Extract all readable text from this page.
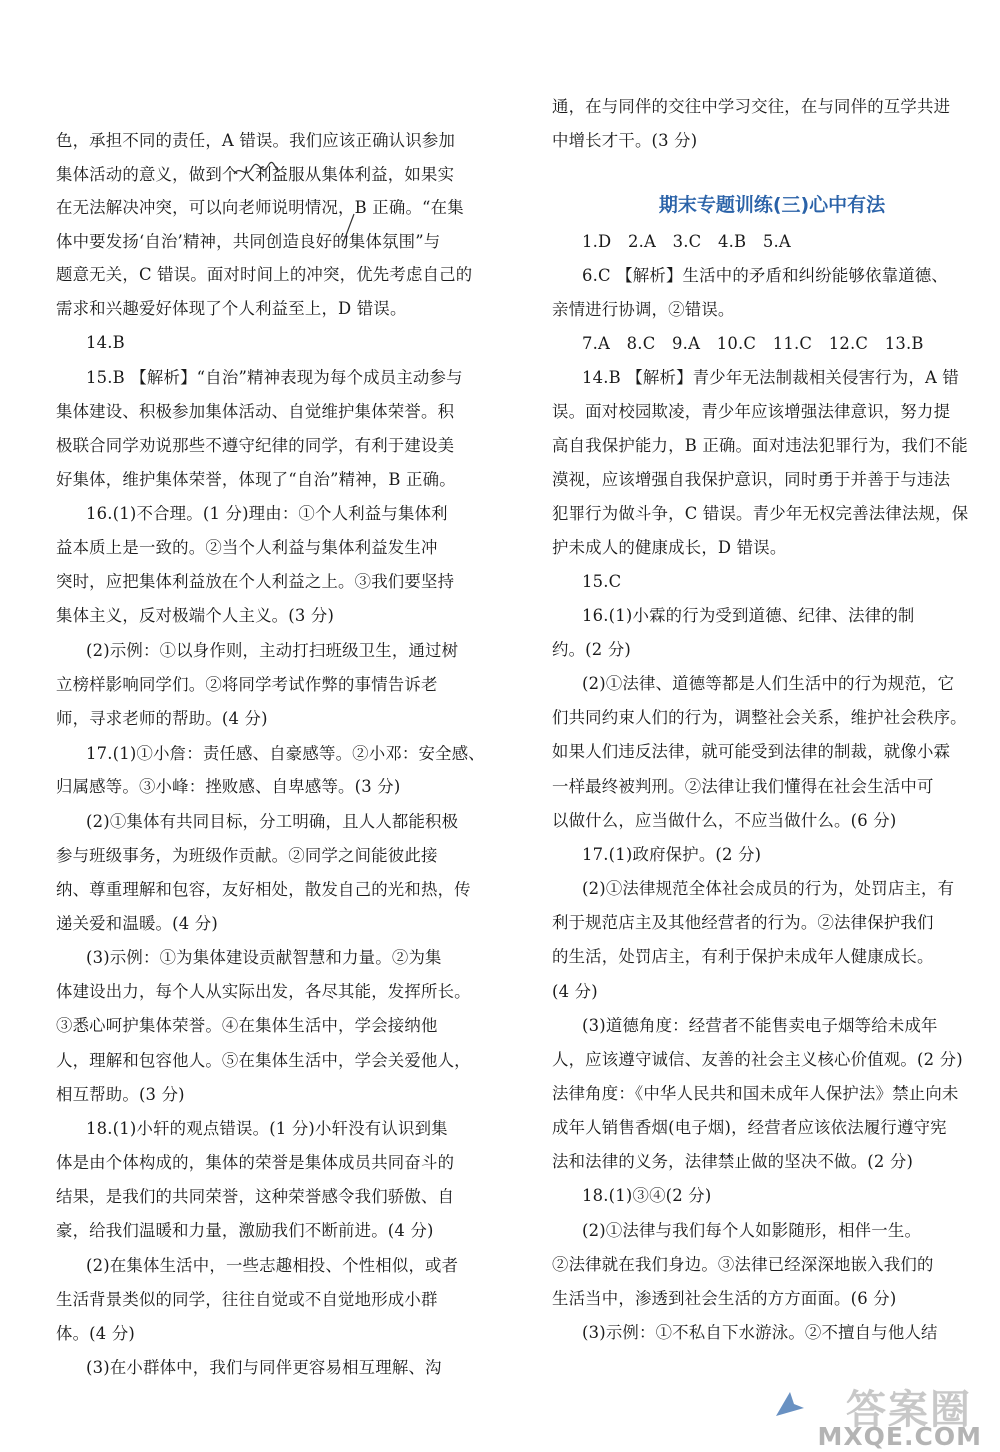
色，承担不同的责任，A 错误。我们应该正确认识参加
集体活动的意义，做到个人利益服从集体利益，如果实
在无法解决冲突，可以向老师说明情况，B 正确。“在集
体中要发扬‘自治’精神，共同创造良好的集体氛围”与
题意无关，C 错误。面对时间上的冲突，优先考虑自己的
需求和兴趣爱好体现了个人利益至上，D 错误。
14.B
15.B 【解析】“自治”精神表现为每个成员主动参与
集体建设、积极参加集体活动、自觉维护集体荣誉。积
极联合同学劝说那些不遵守纪律的同学，有利于建设美
好集体，维护集体荣誉，体现了“自治”精神，B 正确。
16.(1)不合理。(1 分)理由：①个人利益与集体利
益本质上是一致的。②当个人利益与集体利益发生冲
突时，应把集体利益放在个人利益之上。③我们要坚持
集体主义，反对极端个人主义。(3 分)
(2)示例：①以身作则，主动打扫班级卫生，通过树
立榜样影响同学们。②将同学考试作弊的事情告诉老
师，寻求老师的帮助。(4 分)
17.(1)①小詹：责任感、自豪感等。②小邓：安全感、
归属感等。③小峰：挫败感、自卑感等。(3 分)
(2)①集体有共同目标，分工明确，且人人都能积极
参与班级事务，为班级作贡献。②同学之间能彼此接
纳、尊重理解和包容，友好相处，散发自己的光和热，传
递关爱和温暖。(4 分)
(3)示例：①为集体建设贡献智慧和力量。②为集
体建设出力，每个人从实际出发，各尽其能，发挥所长。
③悉心呵护集体荣誉。④在集体生活中，学会接纳他
人，理解和包容他人。⑤在集体生活中，学会关爱他人，
相互帮助。(3 分)
18.(1)小轩的观点错误。(1 分)小轩没有认识到集
体是由个体构成的，集体的荣誉是集体成员共同奋斗的
结果，是我们的共同荣誉，这种荣誉感令我们骄傲、自
豪，给我们温暖和力量，激励我们不断前进。(4 分)
(2)在集体生活中，一些志趣相投、个性相似，或者
生活背景类似的同学，往往自觉或不自觉地形成小群
体。(4 分)
(3)在小群体中，我们与同伴更容易相互理解、沟
通，在与同伴的交往中学习交往，在与同伴的互学共进
中增长才干。(3 分)
期末专题训练(三)心中有法
1.D　2.A　3.C　4.B　5.A
6.C 【解析】生活中的矛盾和纠纷能够依靠道德、
亲情进行协调，②错误。
7.A　8.C　9.A　10.C　11.C　12.C　13.B
14.B 【解析】青少年无法制裁相关侵害行为，A 错
误。面对校园欺凌，青少年应该增强法律意识，努力提
高自我保护能力，B 正确。面对违法犯罪行为，我们不能
漠视，应该增强自我保护意识，同时勇于并善于与违法
犯罪行为做斗争，C 错误。青少年无权完善法律法规，保
护未成人的健康成长，D 错误。
15.C
16.(1)小霖的行为受到道德、纪律、法律的制
约。(2 分)
(2)①法律、道德等都是人们生活中的行为规范，它
们共同约束人们的行为，调整社会关系，维护社会秩序。
如果人们违反法律，就可能受到法律的制裁，就像小霖
一样最终被判刑。②法律让我们懂得在社会生活中可
以做什么，应当做什么，不应当做什么。(6 分)
17.(1)政府保护。(2 分)
(2)①法律规范全体社会成员的行为，处罚店主，有
利于规范店主及其他经营者的行为。②法律保护我们
的生活，处罚店主，有利于保护未成年人健康成长。
(4 分)
(3)道德角度：经营者不能售卖电子烟等给未成年
人，应该遵守诚信、友善的社会主义核心价值观。(2 分)
法律角度：《中华人民共和国未成年人保护法》禁止向未
成年人销售香烟(电子烟)，经营者应该依法履行遵守宪
法和法律的义务，法律禁止做的坚决不做。(2 分)
18.(1)③④(2 分)
(2)①法律与我们每个人如影随形，相伴一生。
②法律就在我们身边。③法律已经深深地嵌入我们的
生活当中，渗透到社会生活的方方面面。(6 分)
(3)示例：①不私自下水游泳。②不擅自与他人结
答案圈
MXQE.COM
